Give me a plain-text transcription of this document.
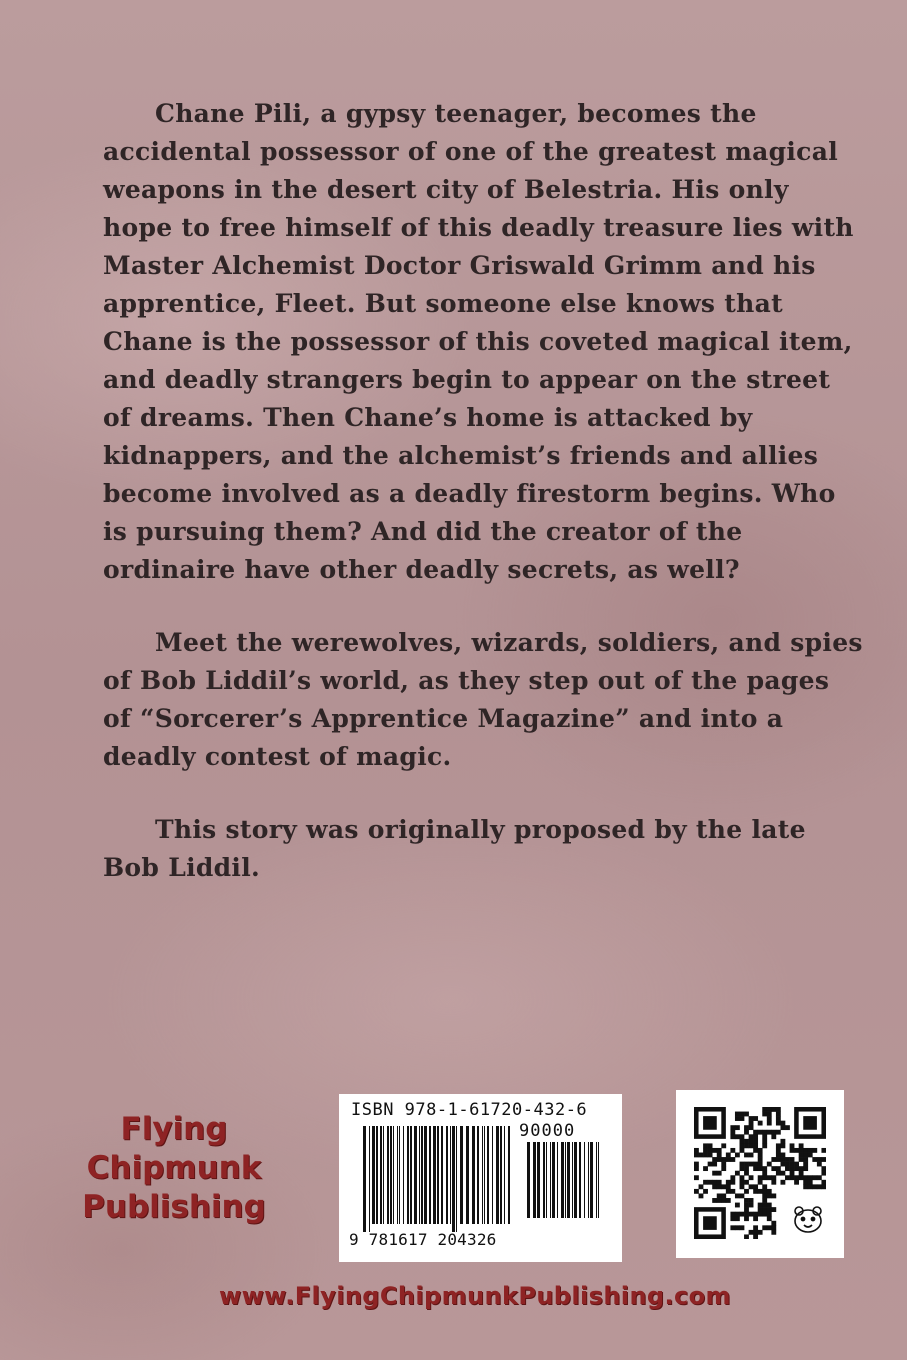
Chane Pili, a gypsy teenager, becomes the accidental possessor of one of the greatest magical weapons in the desert city of Belestria. His only hope to free himself of this deadly treasure lies with Master Alchemist Doctor Griswald Grimm and his apprentice, Fleet. But someone else knows that Chane is the possessor of this coveted magical item, and deadly strangers begin to appear on the street of dreams. Then Chane’s home is attacked by kidnappers, and the alchemist’s friends and allies become involved as a deadly firestorm begins. Who is pursuing them? And did the creator of the ordinaire have other deadly secrets, as well?

Meet the werewolves, wizards, soldiers, and spies of Bob Liddil’s world, as they step out of the pages of “Sorcerer’s Apprentice Magazine” and into a deadly contest of magic.

This story was originally proposed by the late Bob Liddil.

Flying
Chipmunk
Publishing
ISBN 978-1-61720-432-6
90000
9 781617 204326
www.FlyingChipmunkPublishing.com
